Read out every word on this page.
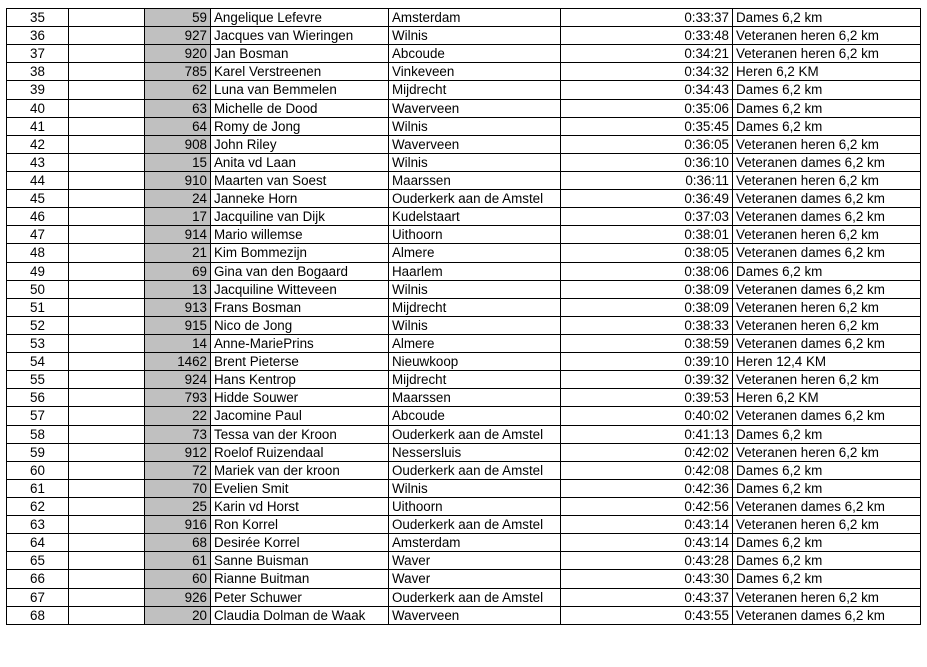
35		59	Angelique Lefevre	Amsterdam	0:33:37	Dames 6,2 km
36		927	Jacques van Wieringen	Wilnis	0:33:48	Veteranen heren 6,2 km
37		920	Jan Bosman	Abcoude	0:34:21	Veteranen heren 6,2 km
38		785	Karel Verstreenen	Vinkeveen	0:34:32	Heren 6,2 KM
39		62	Luna van Bemmelen	Mijdrecht	0:34:43	Dames 6,2 km
40		63	Michelle de Dood	Waverveen	0:35:06	Dames 6,2 km
41		64	Romy de Jong	Wilnis	0:35:45	Dames 6,2 km
42		908	John Riley	Waverveen	0:36:05	Veteranen heren 6,2 km
43		15	Anita vd Laan	Wilnis	0:36:10	Veteranen dames 6,2 km
44		910	Maarten van Soest	Maarssen	0:36:11	Veteranen heren 6,2 km
45		24	Janneke Horn	Ouderkerk aan de Amstel	0:36:49	Veteranen dames 6,2 km
46		17	Jacquiline van Dijk	Kudelstaart	0:37:03	Veteranen dames 6,2 km
47		914	Mario willemse	Uithoorn	0:38:01	Veteranen heren 6,2 km
48		21	Kim Bommezijn	Almere	0:38:05	Veteranen dames 6,2 km
49		69	Gina van den Bogaard	Haarlem	0:38:06	Dames 6,2 km
50		13	Jacquiline Witteveen	Wilnis	0:38:09	Veteranen dames 6,2 km
51		913	Frans Bosman	Mijdrecht	0:38:09	Veteranen heren 6,2 km
52		915	Nico de Jong	Wilnis	0:38:33	Veteranen heren 6,2 km
53		14	Anne-MariePrins	Almere	0:38:59	Veteranen dames 6,2 km
54		1462	Brent Pieterse	Nieuwkoop	0:39:10	Heren 12,4 KM
55		924	Hans Kentrop	Mijdrecht	0:39:32	Veteranen heren 6,2 km
56		793	Hidde Souwer	Maarssen	0:39:53	Heren 6,2 KM
57		22	Jacomine Paul	Abcoude	0:40:02	Veteranen dames 6,2 km
58		73	Tessa van der Kroon	Ouderkerk aan de Amstel	0:41:13	Dames 6,2 km
59		912	Roelof Ruizendaal	Nessersluis	0:42:02	Veteranen heren 6,2 km
60		72	Mariek van der kroon	Ouderkerk aan de Amstel	0:42:08	Dames 6,2 km
61		70	Evelien Smit	Wilnis	0:42:36	Dames 6,2 km
62		25	Karin vd Horst	Uithoorn	0:42:56	Veteranen dames 6,2 km
63		916	Ron Korrel	Ouderkerk aan de Amstel	0:43:14	Veteranen heren 6,2 km
64		68	Desirée Korrel	Amsterdam	0:43:14	Dames 6,2 km
65		61	Sanne Buisman	Waver	0:43:28	Dames 6,2 km
66		60	Rianne Buitman	Waver	0:43:30	Dames 6,2 km
67		926	Peter Schuwer	Ouderkerk aan de Amstel	0:43:37	Veteranen heren 6,2 km
68		20	Claudia Dolman de Waak	Waverveen	0:43:55	Veteranen dames 6,2 km
